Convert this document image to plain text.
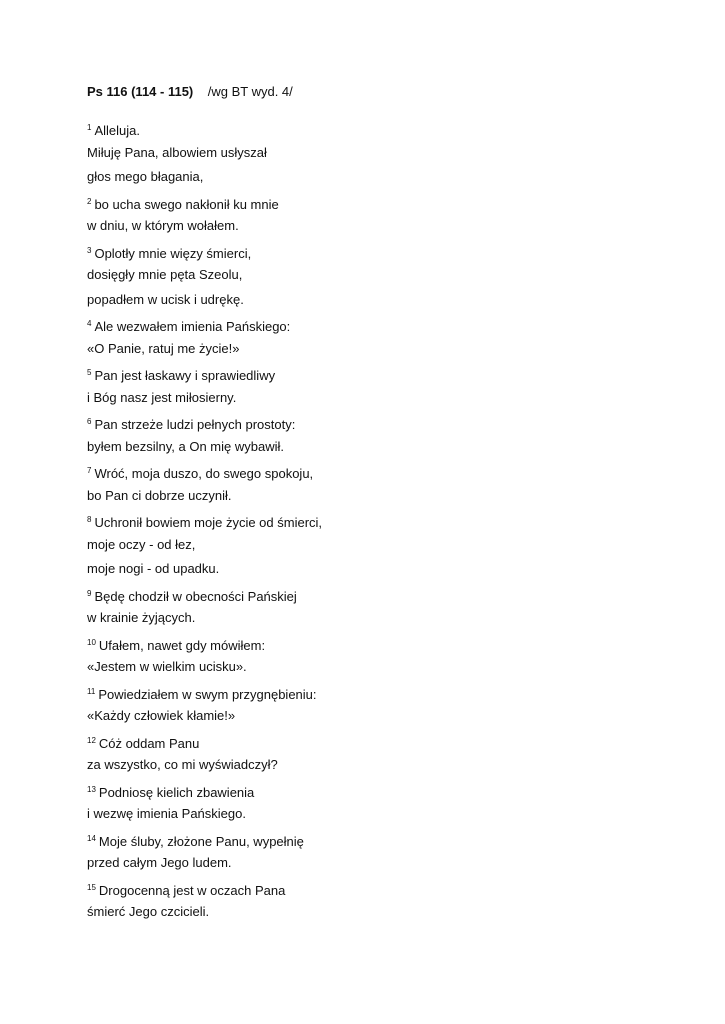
Ps 116 (114 - 115) /wg BT wyd. 4/
$^1$ Alleluja.
Miłuję Pana, albowiem usłyszał
głos mego błagania,
$^2$ bo ucha swego nakłonił ku mnie
w dniu, w którym wołałem.
$^3$ Oplotły mnie więzy śmierci,
dosięgły mnie pęta Szeolu,
popadłem w ucisk i udrękę.
$^4$ Ale wezwałem imienia Pańskiego:
«O Panie, ratuj me życie!»
$^5$ Pan jest łaskawy i sprawiedliwy
i Bóg nasz jest miłosierny.
$^6$ Pan strzeże ludzi pełnych prostoty:
byłem bezsilny, a On mię wybawił.
$^7$ Wróć, moja duszo, do swego spokoju,
bo Pan ci dobrze uczynił.
$^8$ Uchronił bowiem moje życie od śmierci,
moje oczy - od łez,
moje nogi - od upadku.
$^9$ Będę chodził w obecności Pańskiej
w krainie żyjących.
$^{10}$ Ufałem, nawet gdy mówiłem:
«Jestem w wielkim ucisku».
$^{11}$ Powiedziałem w swym przygnębieniu:
«Każdy człowiek kłamie!»
$^{12}$ Cóż oddam Panu
za wszystko, co mi wyświadczył?
$^{13}$ Podniosę kielich zbawienia
i wezwę imienia Pańskiego.
$^{14}$ Moje śluby, złożone Panu, wypełnię
przed całym Jego ludem.
$^{15}$ Drogocenną jest w oczach Pana
śmierć Jego czcicieli.
